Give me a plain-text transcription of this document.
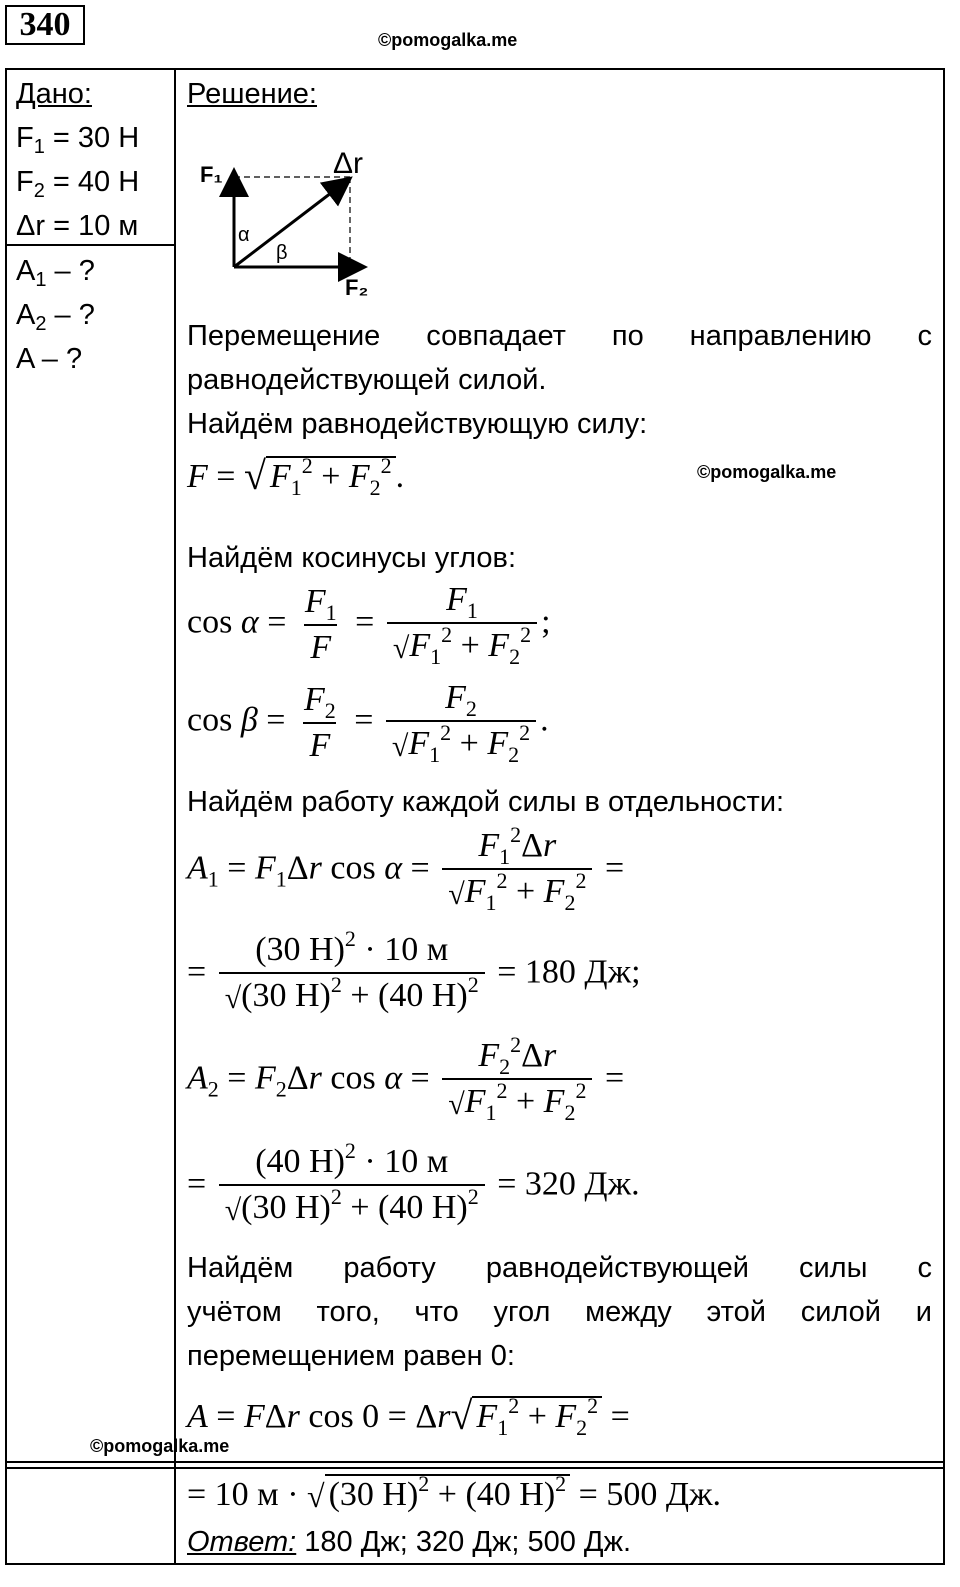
340	©pomogalka.me
Дано:
$F_1 = 30$ Н
$F_2 = 40$ Н
Δr = 10 м
$A_1$ – ?
$A_2$ – ?
A – ?
Решение:
F₁
F₂
Δr
α
β
Перемещение совпадает по направлению с
равнодействующей силой.
Найдём равнодействующую силу:
F = √ $F_1^2 + F_2^2$ .	©pomogalka.me
Найдём косинусы углов:
$\cos \alpha = \frac{F_1}{F} = \frac{F_1}{√F_1^2 + F_2^2}$ ;
$\cos \beta = \frac{F_2}{F} = \frac{F_2}{√F_1^2 + F_2^2}$ .
Найдём работу каждой силы в отдельности:
$A_1 = F_1\Delta r$ $\cos \alpha = \frac{F_1^2\Delta r}{√F_1^2 + F_2^2}$ =
= $\frac{(30 Н)^2 \cdot 10 м}{√(30 Н)^2 + (40 Н)^2} = 180$ Дж;
$A_2 = F_2\Delta r$ $\cos \alpha = \frac{F_2^2\Delta r}{√F_1^2 + F_2^2}$ =
= $\frac{(40 Н)^2 \cdot 10 м}{√(30 Н)^2 + (40 Н)^2} = 320$ Дж.
Найдём работу равнодействующей силы с
учётом того, что угол между этой силой и
перемещением равен 0:
A = FΔr cos 0 = Δr√ $F_1^2 + F_2^2$ =
©pomogalka.me
= 10 м · √ (30 Н)$^2$ + (40 Н)$^2$ = 500 Дж.
Ответ: 180 Дж; 320 Дж; 500 Дж.
